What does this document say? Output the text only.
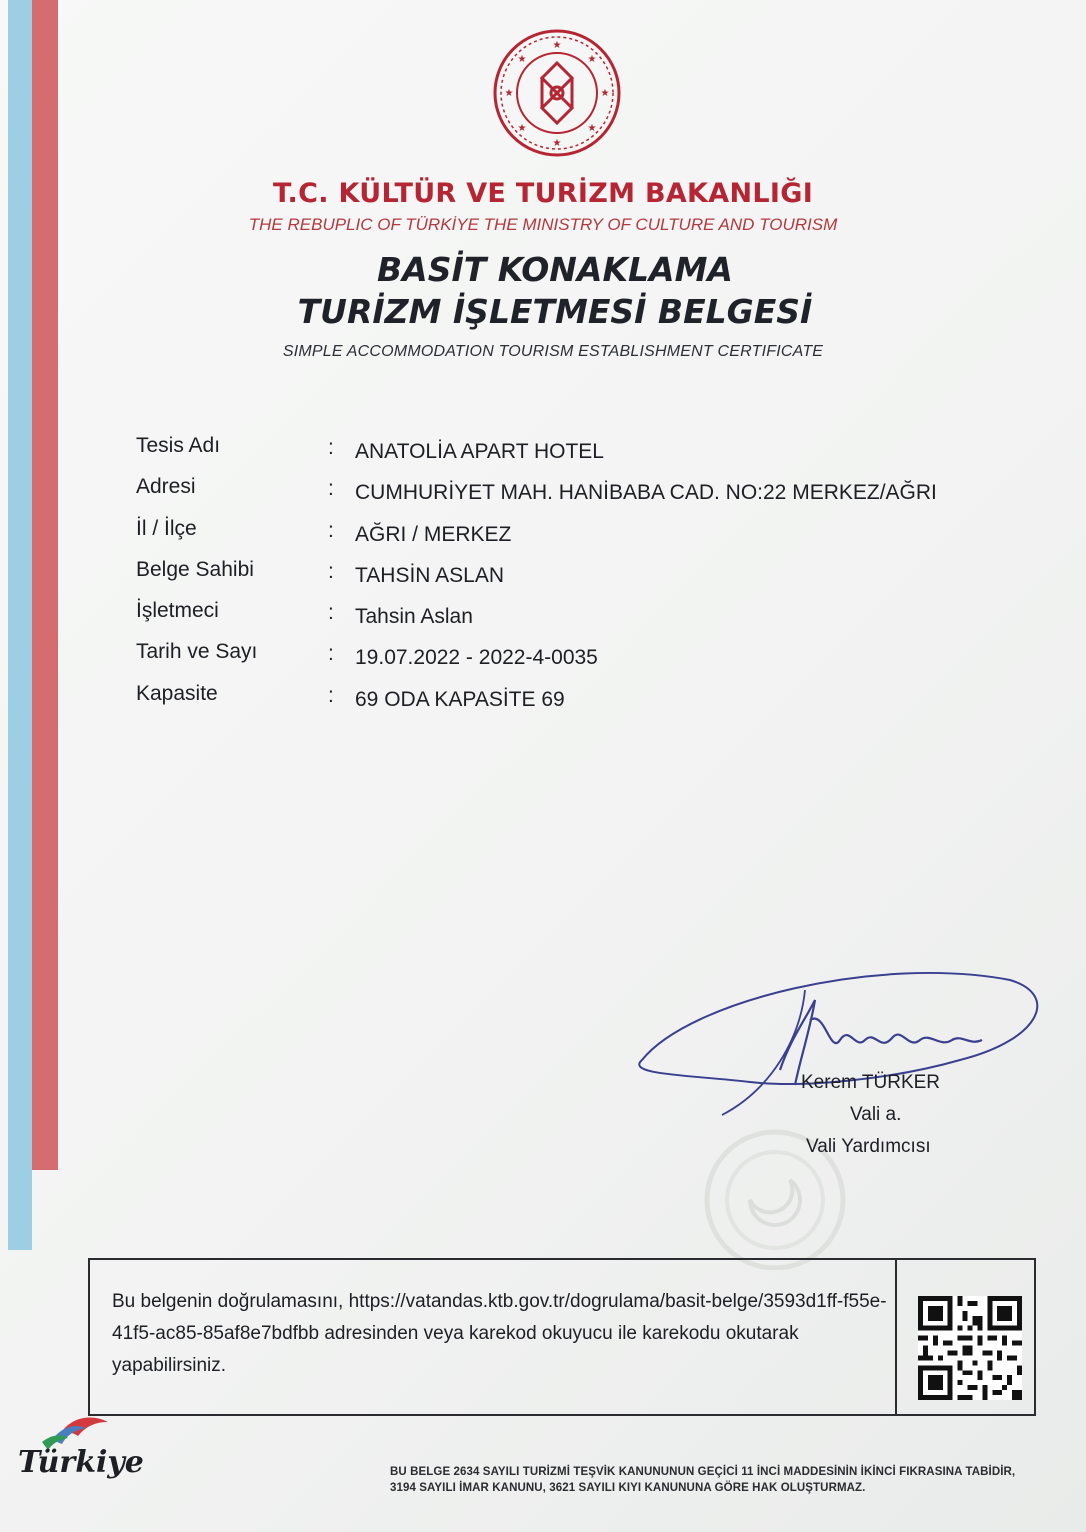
★
★
★
★
★
★
★
★
T.C. KÜLTÜR VE TURİZM BAKANLIĞI
THE REBUPLIC OF TÜRKİYE THE MINISTRY OF CULTURE AND TOURISM
BASİT KONAKLAMA
TURİZM İŞLETMESİ BELGESİ
SIMPLE ACCOMMODATION TOURISM ESTABLISHMENT CERTIFICATE
Tesis Adı	: ANATOLİA APART HOTEL
Adresi	: CUMHURİYET MAH. HANİBABA CAD. NO:22 MERKEZ/AĞRI
İl / İlçe	: AĞRI / MERKEZ
Belge Sahibi	: TAHSİN ASLAN
İşletmeci	: Tahsin Aslan
Tarih ve Sayı	: 19.07.2022 - 2022-4-0035
Kapasite	: 69 ODA KAPASİTE 69
Kerem TÜRKER
Vali a.
Vali Yardımcısı
Bu belgenin doğrulamasını, https://vatandas.ktb.gov.tr/dogrulama/basit-belge/3593d1ff-f55e-41f5-ac85-85af8e7bdfbb adresinden veya karekod okuyucu ile karekodu okutarak yapabilirsiniz.
Türkiye	BU BELGE 2634 SAYILI TURİZMİ TEŞVİK KANUNUNUN GEÇİCİ 11 İNCİ MADDESİNİN İKİNCİ FIKRASINA TABİDİR, 3194 SAYILI İMAR KANUNU, 3621 SAYILI KIYI KANUNUNA GÖRE HAK OLUŞTURMAZ.
